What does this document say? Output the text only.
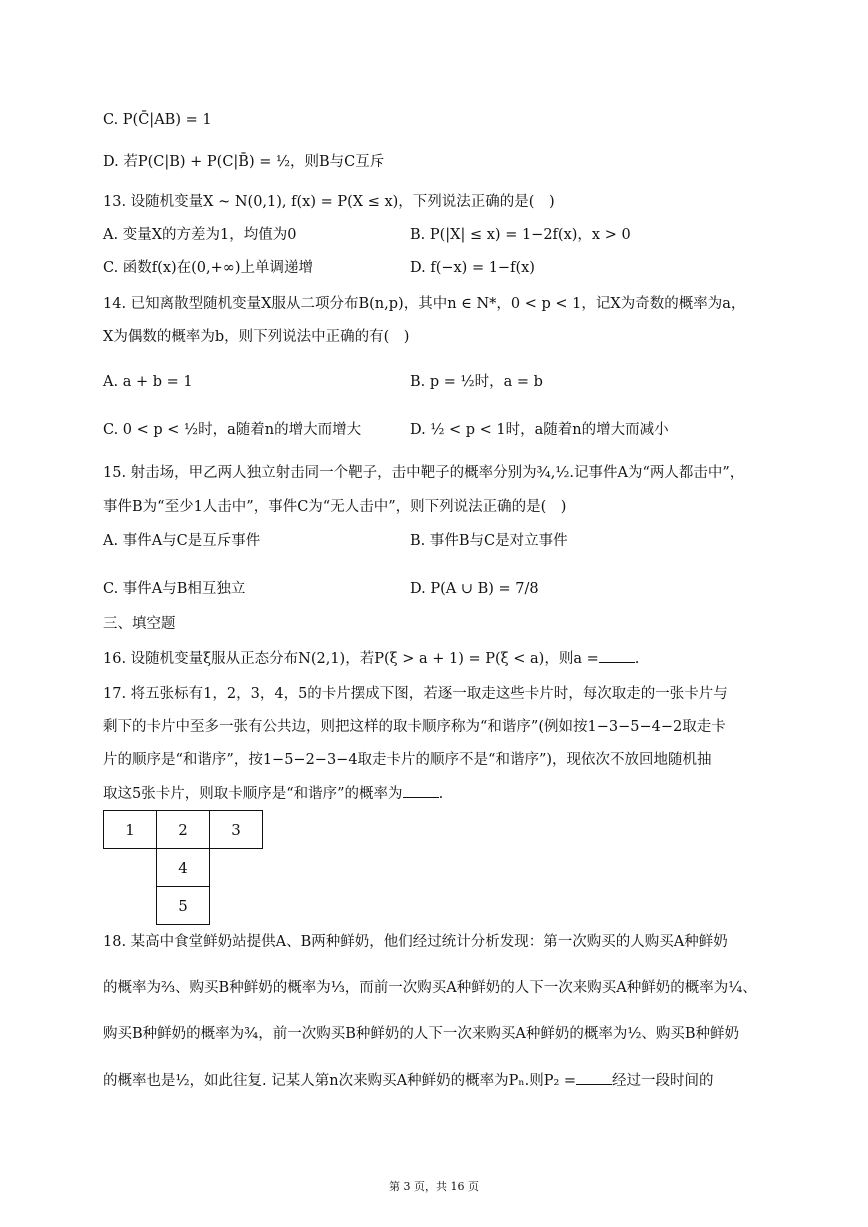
C. P(C̄|AB) = 1
D. 若P(C|B) + P(C|B̄) = ½，则B与C互斥
13. 设随机变量X ~ N(0,1), f(x) = P(X ≤ x)，下列说法正确的是(　)
A. 变量X的方差为1，均值为0	B. P(|X| ≤ x) = 1−2f(x)，x > 0
C. 函数f(x)在(0,+∞)上单调递增	D. f(−x) = 1−f(x)
14. 已知离散型随机变量X服从二项分布B(n,p)，其中n ∈ N*，0 < p < 1，记X为奇数的概率为a，
X为偶数的概率为b，则下列说法中正确的有(　)
A. a + b = 1	B. p = ½时，a = b
C. 0 < p < ½时，a随着n的增大而增大	D. ½ < p < 1时，a随着n的增大而减小
15. 射击场，甲乙两人独立射击同一个靶子，击中靶子的概率分别为¾,½.记事件A为“两人都击中”，
事件B为“至少1人击中”，事件C为“无人击中”，则下列说法正确的是(　)
A. 事件A与C是互斥事件	B. 事件B与C是对立事件
C. 事件A与B相互独立	D. P(A ∪ B) = 7/8
三、填空题
16. 设随机变量ξ服从正态分布N(2,1)，若P(ξ > a + 1) = P(ξ < a)，则a = .
17. 将五张标有1，2，3，4，5的卡片摆成下图，若逐一取走这些卡片时，每次取走的一张卡片与
剩下的卡片中至多一张有公共边，则把这样的取卡顺序称为“和谐序”(例如按1−3−5−4−2取走卡
片的顺序是“和谐序”，按1−5−2−3−4取走卡片的顺序不是“和谐序”)，现依次不放回地随机抽
取这5张卡片，则取卡顺序是“和谐序”的概率为 .
1	2	3
	4	
	5	
18. 某高中食堂鲜奶站提供A、B两种鲜奶，他们经过统计分析发现：第一次购买的人购买A种鲜奶
的概率为⅔、购买B种鲜奶的概率为⅓，而前一次购买A种鲜奶的人下一次来购买A种鲜奶的概率为¼、
购买B种鲜奶的概率为¾，前一次购买B种鲜奶的人下一次来购买A种鲜奶的概率为½、购买B种鲜奶
的概率也是½，如此往复. 记某人第n次来购买A种鲜奶的概率为Pₙ.则P₂ = 经过一段时间的
第 3 页，共 16 页
